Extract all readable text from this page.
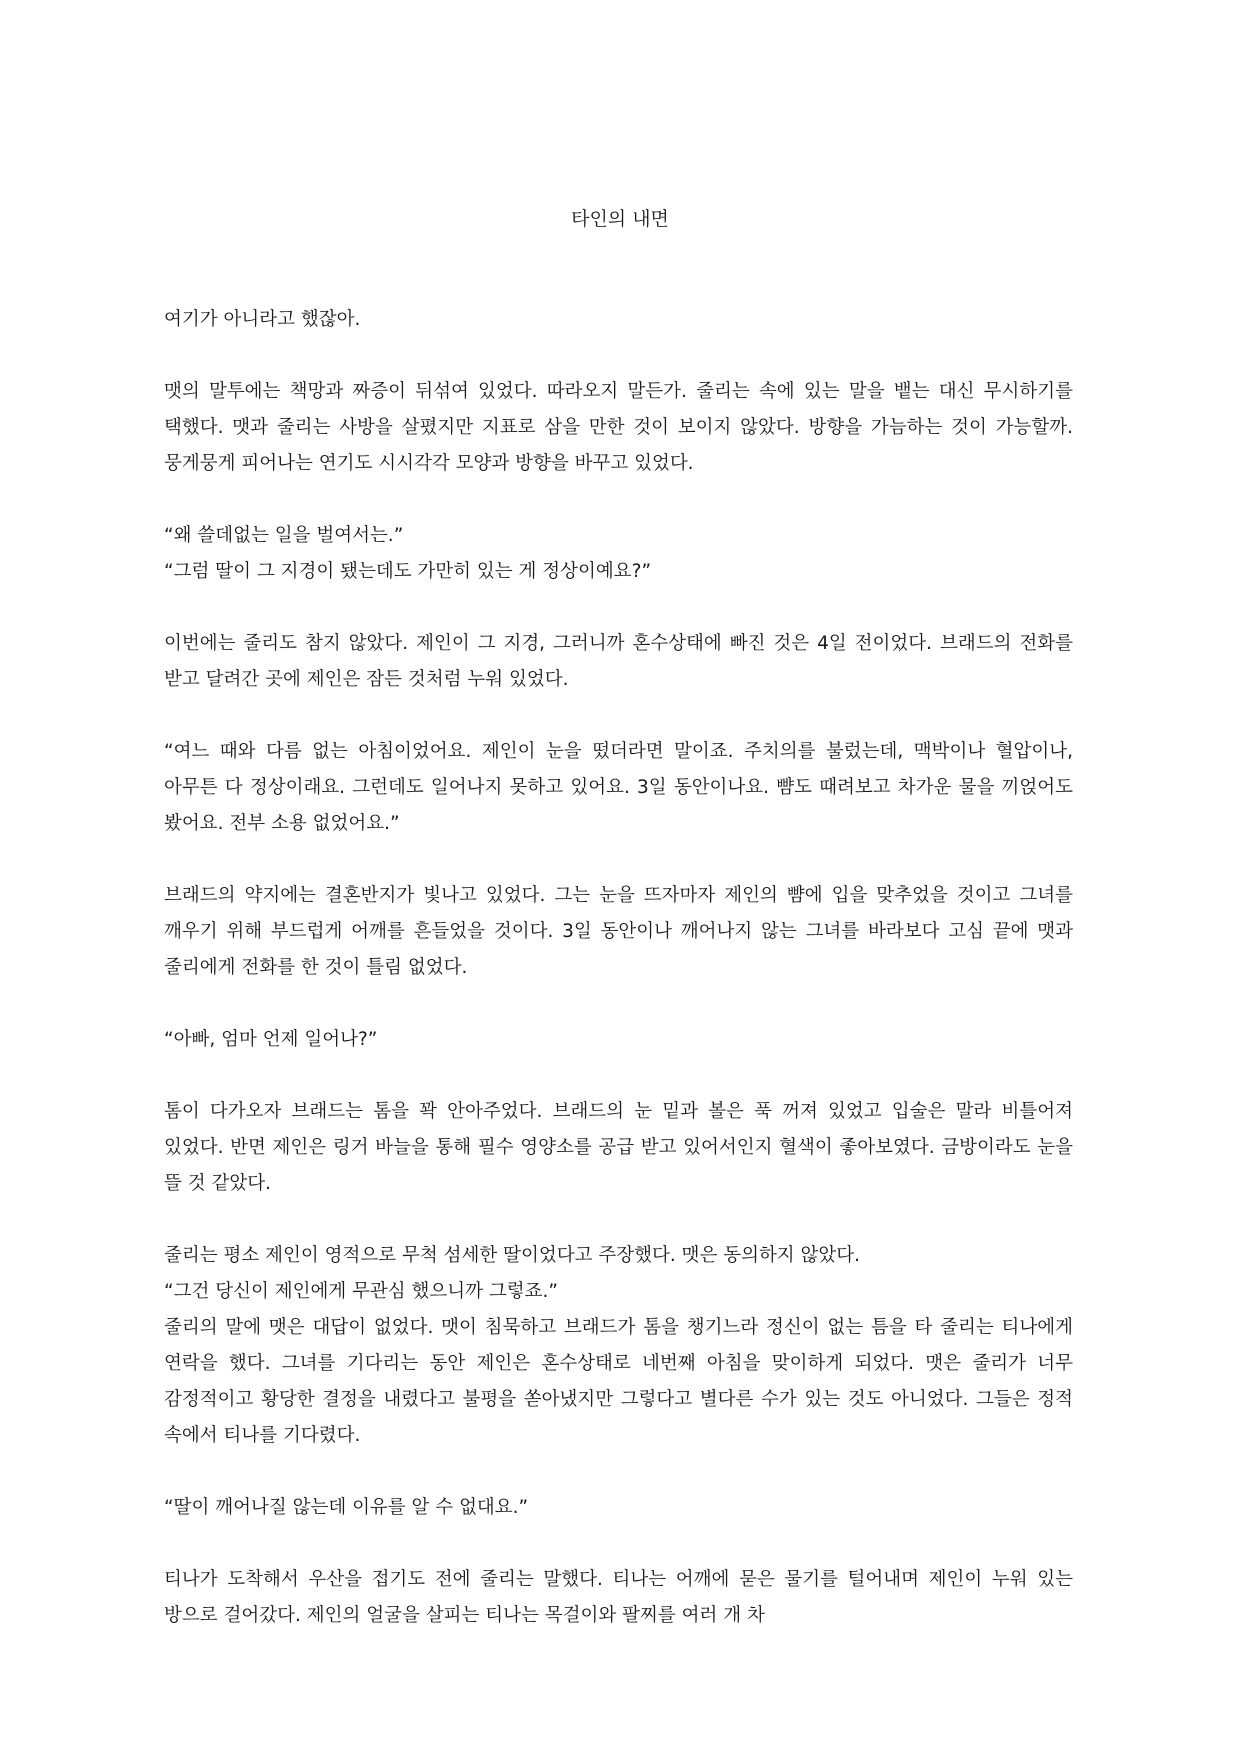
타인의 내면

여기가 아니라고 했잖아.

맷의 말투에는 책망과 짜증이 뒤섞여 있었다. 따라오지 말든가. 줄리는 속에 있는 말을 뱉는 대신 무시하기를 택했다. 맷과 줄리는 사방을 살폈지만 지표로 삼을 만한 것이 보이지 않았다. 방향을 가늠하는 것이 가능할까. 뭉게뭉게 피어나는 연기도 시시각각 모양과 방향을 바꾸고 있었다.

“왜 쓸데없는 일을 벌여서는.”

“그럼 딸이 그 지경이 됐는데도 가만히 있는 게 정상이예요?”

이번에는 줄리도 참지 않았다. 제인이 그 지경, 그러니까 혼수상태에 빠진 것은 4일 전이었다. 브래드의 전화를 받고 달려간 곳에 제인은 잠든 것처럼 누워 있었다.

“여느 때와 다름 없는 아침이었어요. 제인이 눈을 떴더라면 말이죠. 주치의를 불렀는데, 맥박이나 혈압이나, 아무튼 다 정상이래요. 그런데도 일어나지 못하고 있어요. 3일 동안이나요. 뺨도 때려보고 차가운 물을 끼얹어도 봤어요. 전부 소용 없었어요.”

브래드의 약지에는 결혼반지가 빛나고 있었다. 그는 눈을 뜨자마자 제인의 뺨에 입을 맞추었을 것이고 그녀를 깨우기 위해 부드럽게 어깨를 흔들었을 것이다. 3일 동안이나 깨어나지 않는 그녀를 바라보다 고심 끝에 맷과 줄리에게 전화를 한 것이 틀림 없었다.

“아빠, 엄마 언제 일어나?”

톰이 다가오자 브래드는 톰을 꽉 안아주었다. 브래드의 눈 밑과 볼은 푹 꺼져 있었고 입술은 말라 비틀어져 있었다. 반면 제인은 링거 바늘을 통해 필수 영양소를 공급 받고 있어서인지 혈색이 좋아보였다. 금방이라도 눈을 뜰 것 같았다.

줄리는 평소 제인이 영적으로 무척 섬세한 딸이었다고 주장했다. 맷은 동의하지 않았다.

“그건 당신이 제인에게 무관심 했으니까 그렇죠.”

줄리의 말에 맷은 대답이 없었다. 맷이 침묵하고 브래드가 톰을 챙기느라 정신이 없는 틈을 타 줄리는 티나에게 연락을 했다. 그녀를 기다리는 동안 제인은 혼수상태로 네번째 아침을 맞이하게 되었다. 맷은 줄리가 너무 감정적이고 황당한 결정을 내렸다고 불평을 쏟아냈지만 그렇다고 별다른 수가 있는 것도 아니었다. 그들은 정적 속에서 티나를 기다렸다.

“딸이 깨어나질 않는데 이유를 알 수 없대요.”

티나가 도착해서 우산을 접기도 전에 줄리는 말했다. 티나는 어깨에 묻은 물기를 털어내며 제인이 누워 있는 방으로 걸어갔다. 제인의 얼굴을 살피는 티나는 목걸이와 팔찌를 여러 개 차
